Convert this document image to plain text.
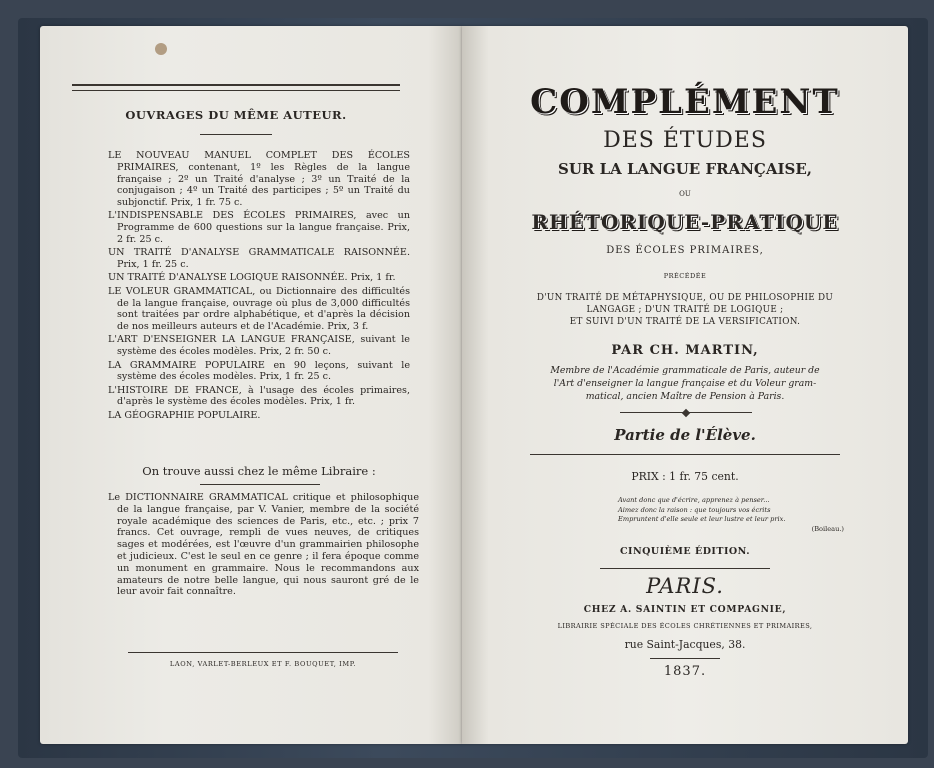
OUVRAGES DU MÊME AUTEUR.
LE NOUVEAU MANUEL COMPLET DES ÉCOLES PRIMAIRES, contenant, 1º les Règles de la langue française ; 2º un Traité d'analyse ; 3º un Traité de la conjugaison ; 4º un Traité des participes ; 5º un Traité du subjonctif. Prix, 1 fr. 75 c.
L'INDISPENSABLE DES ÉCOLES PRIMAIRES, avec un Programme de 600 questions sur la langue française. Prix, 2 fr. 25 c.
UN TRAITÉ D'ANALYSE GRAMMATICALE RAISONNÉE. Prix, 1 fr. 25 c.
UN TRAITÉ D'ANALYSE LOGIQUE RAISONNÉE. Prix, 1 fr.
LE VOLEUR GRAMMATICAL, ou Dictionnaire des difficultés de la langue française, ouvrage où plus de 3,000 difficultés sont traitées par ordre alphabétique, et d'après la décision de nos meilleurs auteurs et de l'Académie. Prix, 3 f.
L'ART D'ENSEIGNER LA LANGUE FRANÇAISE, suivant le système des écoles modèles. Prix, 2 fr. 50 c.
LA GRAMMAIRE POPULAIRE en 90 leçons, suivant le système des écoles modèles. Prix, 1 fr. 25 c.
L'HISTOIRE DE FRANCE, à l'usage des écoles primaires, d'après le système des écoles modèles. Prix, 1 fr.
LA GÉOGRAPHIE POPULAIRE.
On trouve aussi chez le même Libraire :
Le DICTIONNAIRE GRAMMATICAL critique et philosophique de la langue française, par V. Vanier, membre de la société royale académique des sciences de Paris, etc., etc. ; prix 7 francs. Cet ouvrage, rempli de vues neuves, de critiques sages et modérées, est l'œuvre d'un grammairien philosophe et judicieux. C'est le seul en ce genre ; il fera époque comme un monument en grammaire. Nous le recommandons aux amateurs de notre belle langue, qui nous sauront gré de le leur avoir fait connaître.
LAON, VARLET-BERLEUX ET F. BOUQUET, IMP.
COMPLÉMENT
DES ÉTUDES
SUR LA LANGUE FRANÇAISE,
OU
RHÉTORIQUE-PRATIQUE
DES ÉCOLES PRIMAIRES,
PRÉCÉDÉE
D'UN TRAITÉ DE MÉTAPHYSIQUE, OU DE PHILOSOPHIE DU
LANGAGE ; D'UN TRAITÉ DE LOGIQUE ;
ET SUIVI D'UN TRAITÉ DE LA VERSIFICATION.
PAR CH. MARTIN,
Membre de l'Académie grammaticale de Paris, auteur de
l'Art d'enseigner la langue française et du Voleur gram-
matical, ancien Maître de Pension à Paris.
Partie de l'Élève.
PRIX : 1 fr. 75 cent.
Avant donc que d'écrire, apprenez à penser...
Aimez donc la raison : que toujours vos écrits
Empruntent d'elle seule et leur lustre et leur prix.
(Boileau.)
CINQUIÈME ÉDITION.
PARIS.
CHEZ A. SAINTIN ET COMPAGNIE,
LIBRAIRIE SPÉCIALE DES ÉCOLES CHRÉTIENNES ET PRIMAIRES,
rue Saint-Jacques, 38.
1837.
